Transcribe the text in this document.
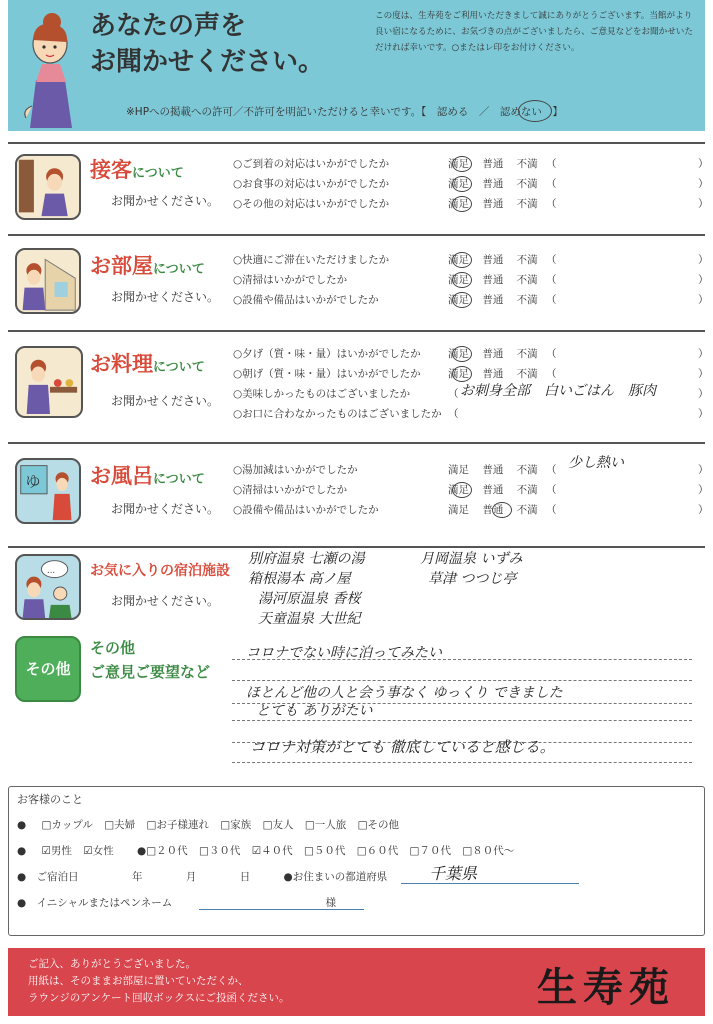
あなたの声を
お聞かせください。
この度は、生寿苑をご利用いただきまして誠にありがとうございます。当館がより良い宿になるために、お気づきの点がございましたら、ご意見などをお聞かせいただければ幸いです。○またはレ印をお付けください。
※HPへの掲載への許可／不許可を明記いただけると幸いです。【　認める　／　認めない　】
接客について
お聞かせください。
○ご到着の対応はいかがでしたか	満足 普通 不満 （	）
○お食事の対応はいかがでしたか	満足 普通 不満 （	）
○その他の対応はいかがでしたか	満足 普通 不満 （	）
お部屋について
お聞かせください。
○快適にご滞在いただけましたか	満足 普通 不満 （	）
○清掃はいかがでしたか	満足 普通 不満 （	）
○設備や備品はいかがでしたか	満足 普通 不満 （	）
お料理について
お聞かせください。
○夕げ（質・味・量）はいかがでしたか	満足 普通 不満 （	）
○朝げ（質・味・量）はいかがでしたか	満足 普通 不満 （	）
○美味しかったものはございましたか	（	）
お刺身全部　白いごはん　豚肉
○お口に合わなかったものはございましたか （	）
ゆ お風呂について
お聞かせください。
○湯加減はいかがでしたか	満足 普通 不満 （	）
少し熱い
○清掃はいかがでしたか	満足 普通 不満 （	）
○設備や備品はいかがでしたか	満足 普通 不満 （	）
... お気に入りの宿泊施設
お聞かせください。
別府温泉 七瀬の湯	月岡温泉 いずみ
箱根湯本 高ノ屋	草津 つつじ亭
湯河原温泉 香桜
天童温泉 大世紀
その他
その他
ご意見ご要望など
コロナでない時に泊ってみたい
ほとんど他の人と会う事なく ゆっくり できました
とても ありがたい
コロナ対策がとても 徹底していると感じる。
お客様のこと
● □カップル □夫婦 □お子様連れ □家族 □友人 □一人旅 □その他
● ☑男性 ☑女性 ●□２０代 □３０代 ☑４０代 □５０代 □６０代 □７０代 □８０代～
●　ご宿泊日	年	月	日	●お住まいの都道府県	千葉県
●　イニシャルまたはペンネーム	様
ご記入、ありがとうございました。
用紙は、そのままお部屋に置いていただくか、
ラウンジのアンケート回収ボックスにご投函ください。	生寿苑
